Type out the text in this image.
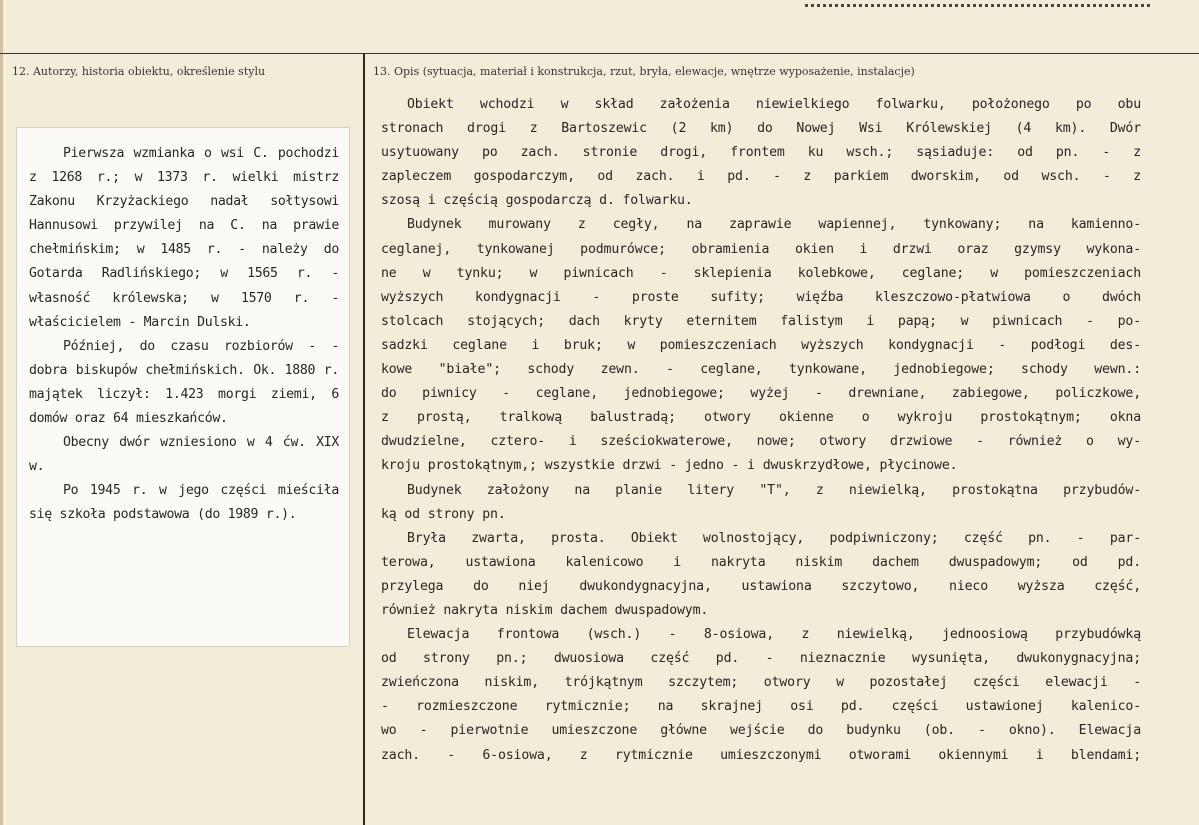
12. Autorzy, historia obiektu, określenie stylu	13. Opis (sytuacja, materiał i konstrukcja, rzut, bryła, elewacje, wnętrze wyposażenie, instalacje)

Pierwsza wzmianka o wsi C. pochodzi z 1268 r.; w 1373 r. wielki mistrz Zakonu Krzyżackiego nadał sołtysowi Hannusowi przywilej na C. na prawie chełmińskim; w 1485 r. - należy do Gotarda Radlińskiego; w 1565 r. - własność królewska; w 1570 r. - właścicielem - Marcin Dulski.

Później, do czasu rozbiorów - - dobra biskupów chełmińskich. Ok. 1880 r. majątek liczył: 1.423 morgi ziemi, 6 domów oraz 64 mieszkańców.

Obecny dwór wzniesiono w 4 ćw. XIX w.

Po 1945 r. w jego części mieściła się szkoła podstawowa (do 1989 r.).

Obiekt wchodzi w skład założenia niewielkiego folwarku, położonego po obu
stronach drogi z Bartoszewic (2 km) do Nowej Wsi Królewskiej (4 km). Dwór
usytuowany po zach. stronie drogi, frontem ku wsch.; sąsiaduje: od pn. - z
zapleczem gospodarczym, od zach. i pd. - z parkiem dworskim, od wsch. - z
szosą i częścią gospodarczą d. folwarku.
Budynek murowany z cegły, na zaprawie wapiennej, tynkowany; na kamienno-
ceglanej, tynkowanej podmurówce; obramienia okien i drzwi oraz gzymsy wykona-
ne w tynku; w piwnicach - sklepienia kolebkowe, ceglane; w pomieszczeniach
wyższych kondygnacji - proste sufity; więźba kleszczowo-płatwiowa o dwóch
stolcach stojących; dach kryty eternitem falistym i papą; w piwnicach - po-
sadzki ceglane i bruk; w pomieszczeniach wyższych kondygnacji - podłogi des-
kowe "białe"; schody zewn. - ceglane, tynkowane, jednobiegowe; schody wewn.:
do piwnicy - ceglane, jednobiegowe; wyżej - drewniane, zabiegowe, policzkowe,
z prostą, tralkową balustradą; otwory okienne o wykroju prostokątnym; okna
dwudzielne, cztero- i sześciokwaterowe, nowe; otwory drzwiowe - również o wy-
kroju prostokątnym,; wszystkie drzwi - jedno - i dwuskrzydłowe, płycinowe.
Budynek założony na planie litery "T", z niewielką, prostokątna przybudów-
ką od strony pn.
Bryła zwarta, prosta. Obiekt wolnostojący, podpiwniczony; część pn. - par-
terowa, ustawiona kalenicowo i nakryta niskim dachem dwuspadowym; od pd.
przylega do niej dwukondygnacyjna, ustawiona szczytowo, nieco wyższa część,
również nakryta niskim dachem dwuspadowym.
Elewacja frontowa (wsch.) - 8-osiowa, z niewielką, jednoosiową przybudówką
od strony pn.; dwuosiowa część pd. - nieznacznie wysunięta, dwukonygnacyjna;
zwieńczona niskim, trójkątnym szczytem; otwory w pozostałej części elewacji -
- rozmieszczone rytmicznie; na skrajnej osi pd. części ustawionej kalenico-
wo - pierwotnie umieszczone główne wejście do budynku (ob. - okno). Elewacja
zach. - 6-osiowa, z rytmicznie umieszczonymi otworami okiennymi i blendami;
